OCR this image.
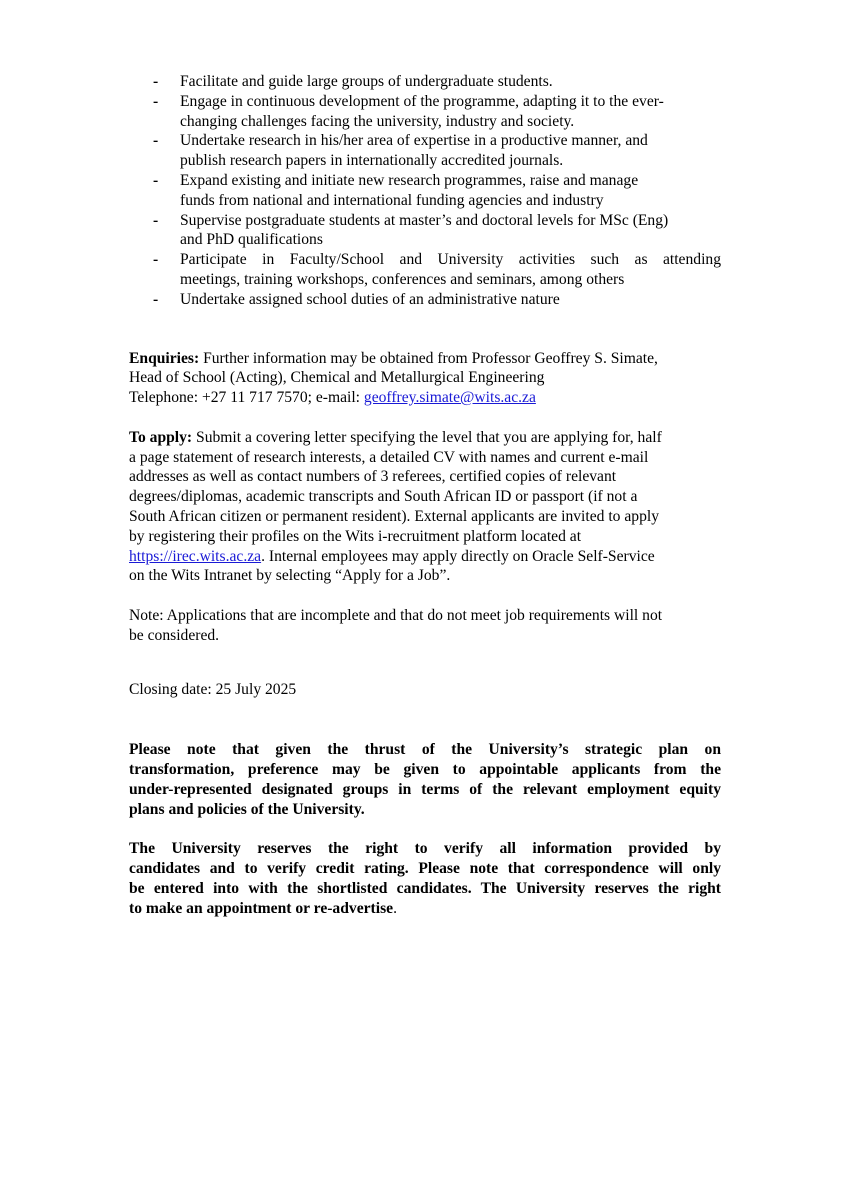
- Facilitate and guide large groups of undergraduate students.
- Engage in continuous development of the programme, adapting it to the ever-
changing challenges facing the university, industry and society.
- Undertake research in his/her area of expertise in a productive manner, and
publish research papers in internationally accredited journals.
- Expand existing and initiate new research programmes, raise and manage
funds from national and international funding agencies and industry
- Supervise postgraduate students at master’s and doctoral levels for MSc (Eng)
and PhD qualifications
- Participate in Faculty/School and University activities such as attending
meetings, training workshops, conferences and seminars, among others
- Undertake assigned school duties of an administrative nature
Enquiries: Further information may be obtained from Professor Geoffrey S. Simate,
Head of School (Acting), Chemical and Metallurgical Engineering
Telephone: +27 11 717 7570; e-mail: geoffrey.simate@wits.ac.za
To apply: Submit a covering letter specifying the level that you are applying for, half
a page statement of research interests, a detailed CV with names and current e-mail
addresses as well as contact numbers of 3 referees, certified copies of relevant
degrees/diplomas, academic transcripts and South African ID or passport (if not a
South African citizen or permanent resident). External applicants are invited to apply
by registering their profiles on the Wits i-recruitment platform located at
https://irec.wits.ac.za. Internal employees may apply directly on Oracle Self-Service
on the Wits Intranet by selecting “Apply for a Job”.
Note: Applications that are incomplete and that do not meet job requirements will not
be considered.
Closing date: 25 July 2025
Please note that given the thrust of the University’s strategic plan on
transformation, preference may be given to appointable applicants from the
under-represented designated groups in terms of the relevant employment equity
plans and policies of the University.
The University reserves the right to verify all information provided by
candidates and to verify credit rating. Please note that correspondence will only
be entered into with the shortlisted candidates. The University reserves the right
to make an appointment or re-advertise.
